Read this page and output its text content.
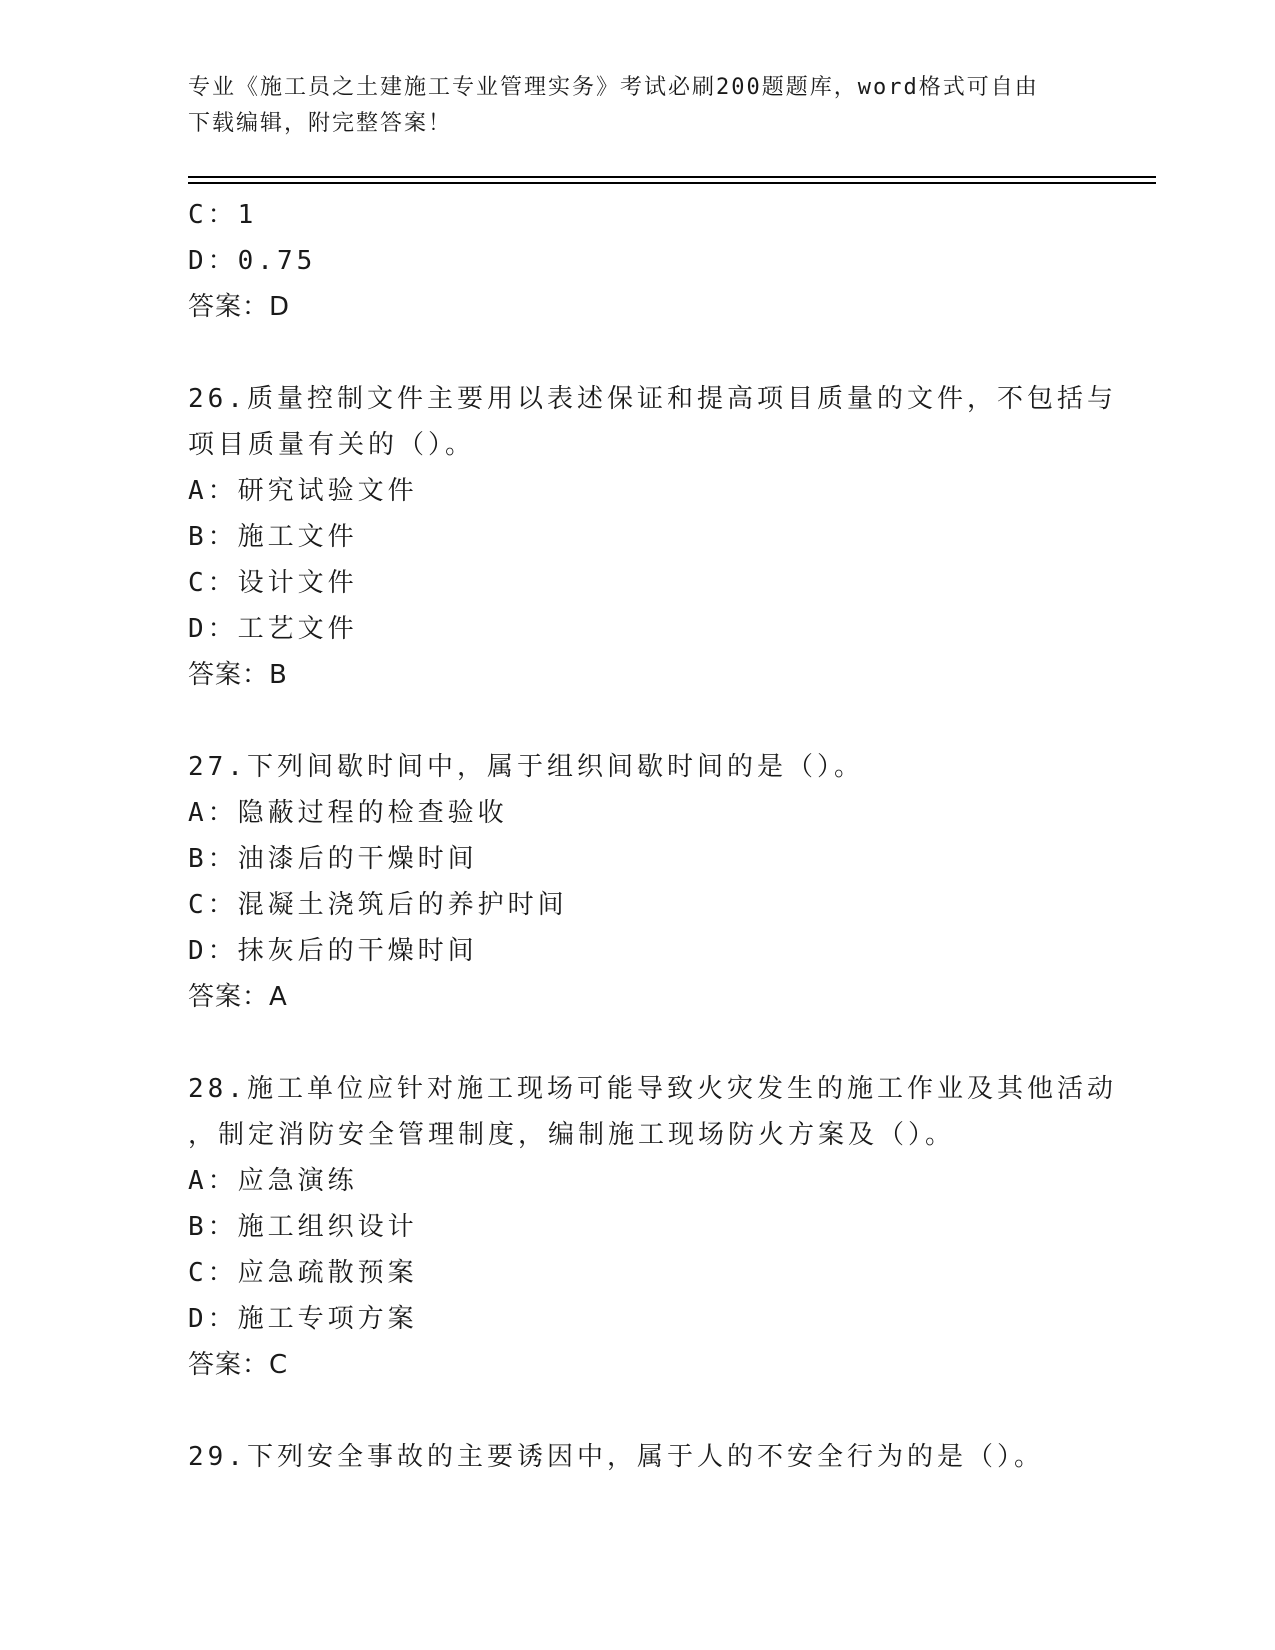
专业《施工员之土建施工专业管理实务》考试必刷200题题库，word格式可自由
下载编辑，附完整答案！
C：1
D：0.75
答案：D
26.质量控制文件主要用以表述保证和提高项目质量的文件，不包括与
项目质量有关的（）。
A：研究试验文件
B：施工文件
C：设计文件
D：工艺文件
答案：B
27.下列间歇时间中，属于组织间歇时间的是（）。
A：隐蔽过程的检查验收
B：油漆后的干燥时间
C：混凝土浇筑后的养护时间
D：抹灰后的干燥时间
答案：A
28.施工单位应针对施工现场可能导致火灾发生的施工作业及其他活动
，制定消防安全管理制度，编制施工现场防火方案及（）。
A：应急演练
B：施工组织设计
C：应急疏散预案
D：施工专项方案
答案：C
29.下列安全事故的主要诱因中，属于人的不安全行为的是（）。
